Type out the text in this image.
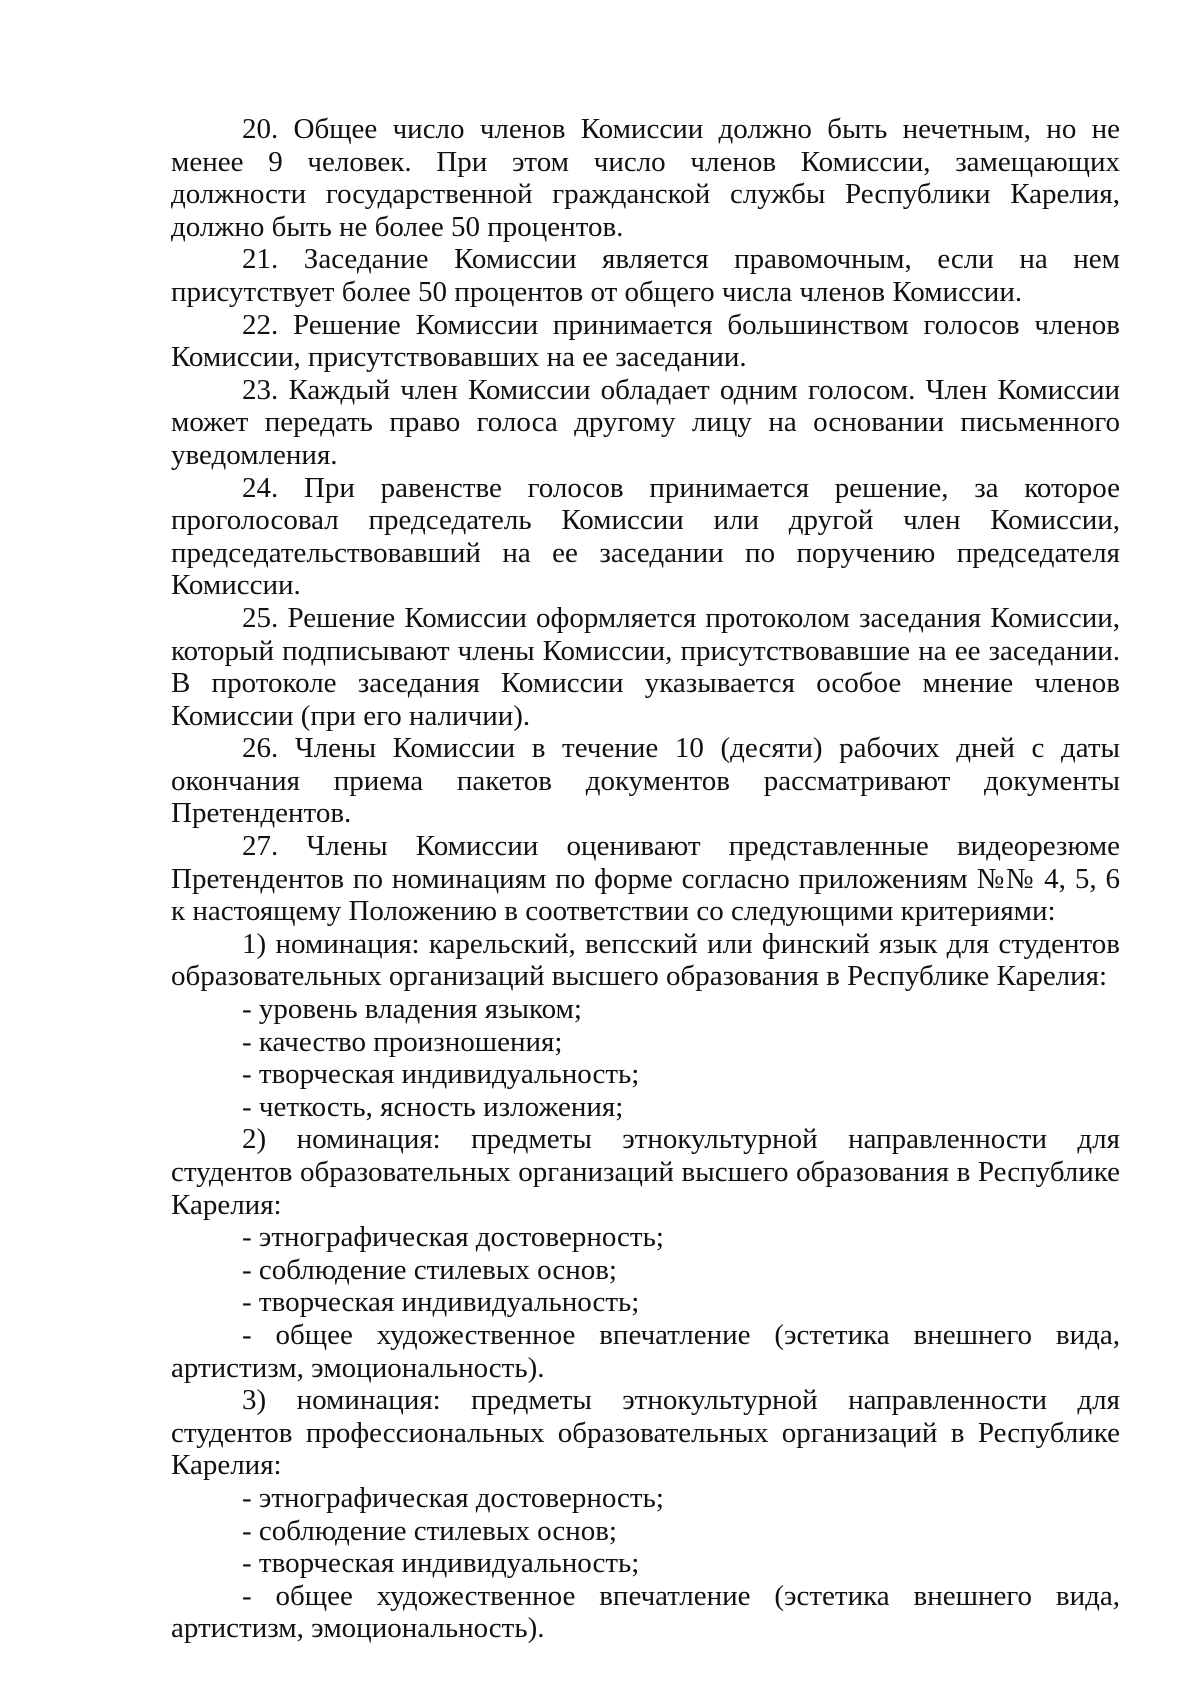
20. Общее число членов Комиссии должно быть нечетным, но не менее 9 человек. При этом число членов Комиссии, замещающих должности государственной гражданской службы Республики Карелия, должно быть не более 50 процентов.

21. Заседание Комиссии является правомочным, если на нем присутствует более 50 процентов от общего числа членов Комиссии.

22. Решение Комиссии принимается большинством голосов членов Комиссии, присутствовавших на ее заседании.

23. Каждый член Комиссии обладает одним голосом. Член Комиссии может передать право голоса другому лицу на основании письменного уведомления.

24. При равенстве голосов принимается решение, за которое проголосовал председатель Комиссии или другой член Комиссии, председательствовавший на ее заседании по поручению председателя Комиссии.

25. Решение Комиссии оформляется протоколом заседания Комиссии, который подписывают члены Комиссии, присутствовавшие на ее заседании. В протоколе заседания Комиссии указывается особое мнение членов Комиссии (при его наличии).

26. Члены Комиссии в течение 10 (десяти) рабочих дней с даты окончания приема пакетов документов рассматривают документы Претендентов.

27. Члены Комиссии оценивают представленные видеорезюме Претендентов по номинациям по форме согласно приложениям №№ 4, 5, 6 к настоящему Положению в соответствии со следующими критериями:

1) номинация: карельский, вепсский или финский язык для студентов образовательных организаций высшего образования в Республике Карелия:

- уровень владения языком;

- качество произношения;

- творческая индивидуальность;

- четкость, ясность изложения;

2) номинация: предметы этнокультурной направленности для студентов образовательных организаций высшего образования в Республике Карелия:

- этнографическая достоверность;

- соблюдение стилевых основ;

- творческая индивидуальность;

- общее художественное впечатление (эстетика внешнего вида, артистизм, эмоциональность).

3) номинация: предметы этнокультурной направленности для студентов профессиональных образовательных организаций в Республике Карелия:

- этнографическая достоверность;

- соблюдение стилевых основ;

- творческая индивидуальность;

- общее художественное впечатление (эстетика внешнего вида, артистизм, эмоциональность).
